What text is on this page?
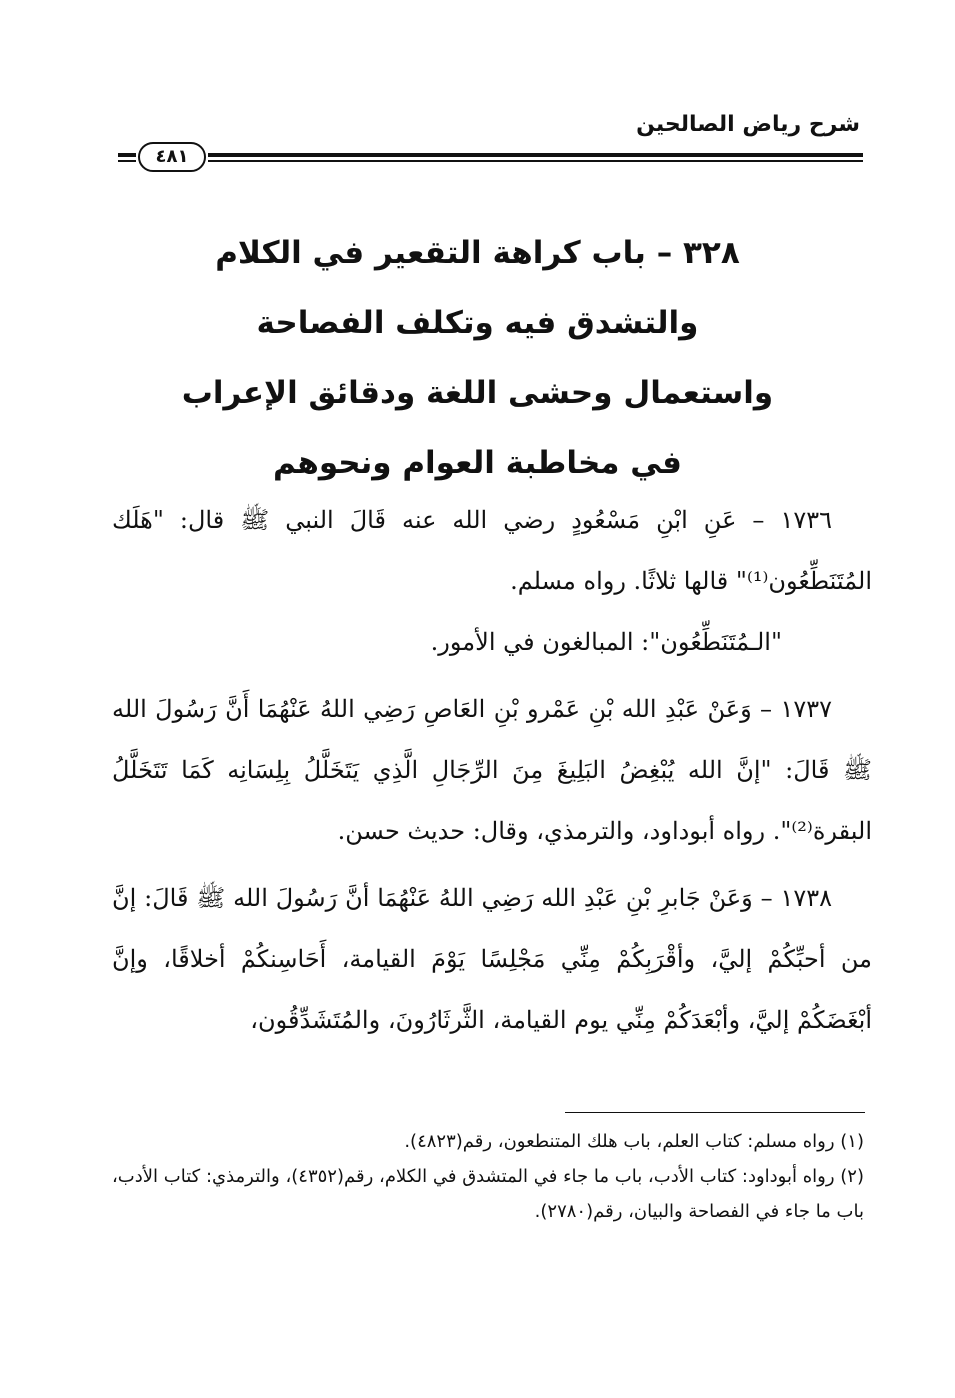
شرح رياض الصالحين
٤٨١
٣٢٨ – باب كراهة التقعير في الكلام
والتشدق فيه وتكلف الفصاحة
واستعمال وحشى اللغة ودقائق الإعراب
في مخاطبة العوام ونحوهم

١٧٣٦ – عَنِ ابْنِ مَسْعُودٍ رضي الله عنه قَالَ النبي ﷺ قال: "هَلَك المُتَنَطِّعُون⁽¹⁾" قالها ثلاثًا. رواه مسلم.

"الـمُتَنَطِّعُون": المبالغون في الأمور.

١٧٣٧ – وَعَنْ عَبْدِ الله بْنِ عَمْرو بْنِ العَاصِ رَضِي اللهُ عَنْهُمَا أَنَّ رَسُولَ الله ﷺ قَالَ: "إنَّ الله يُبْغِضُ البَلِيغَ مِنَ الرِّجَالِ الَّذِي يَتَخَلَّلُ بِلِسَانِه كَمَا تَتَخَلَّلُ البقرة⁽²⁾". رواه أبوداود، والترمذي، وقال: حديث حسن.

١٧٣٨ – وَعَنْ جَابرِ بْنِ عَبْدِ الله رَضِي اللهُ عَنْهُمَا أنَّ رَسُولَ الله ﷺ قَالَ: إنَّ من أحبِّكُمْ إليَّ، وأقْرَبِكُمْ مِنِّي مَجْلِسًا يَوْمَ القيامة، أَحَاسِنكُمْ أخلاقًا، وإنَّ أبْغَضَكُمْ إليَّ، وأبْعَدَكُمْ مِنِّي يوم القيامة، الثَّرثَارُونَ، والمُتَشَدِّقُون،

(١) رواه مسلم: كتاب العلم، باب هلك المتنطعون، رقم(٤٨٢٣).

(٢) رواه أبوداود: كتاب الأدب، باب ما جاء في المتشدق في الكلام، رقم(٤٣٥٢)، والترمذي: كتاب الأدب، باب ما جاء في الفصاحة والبيان، رقم(٢٧٨٠).
